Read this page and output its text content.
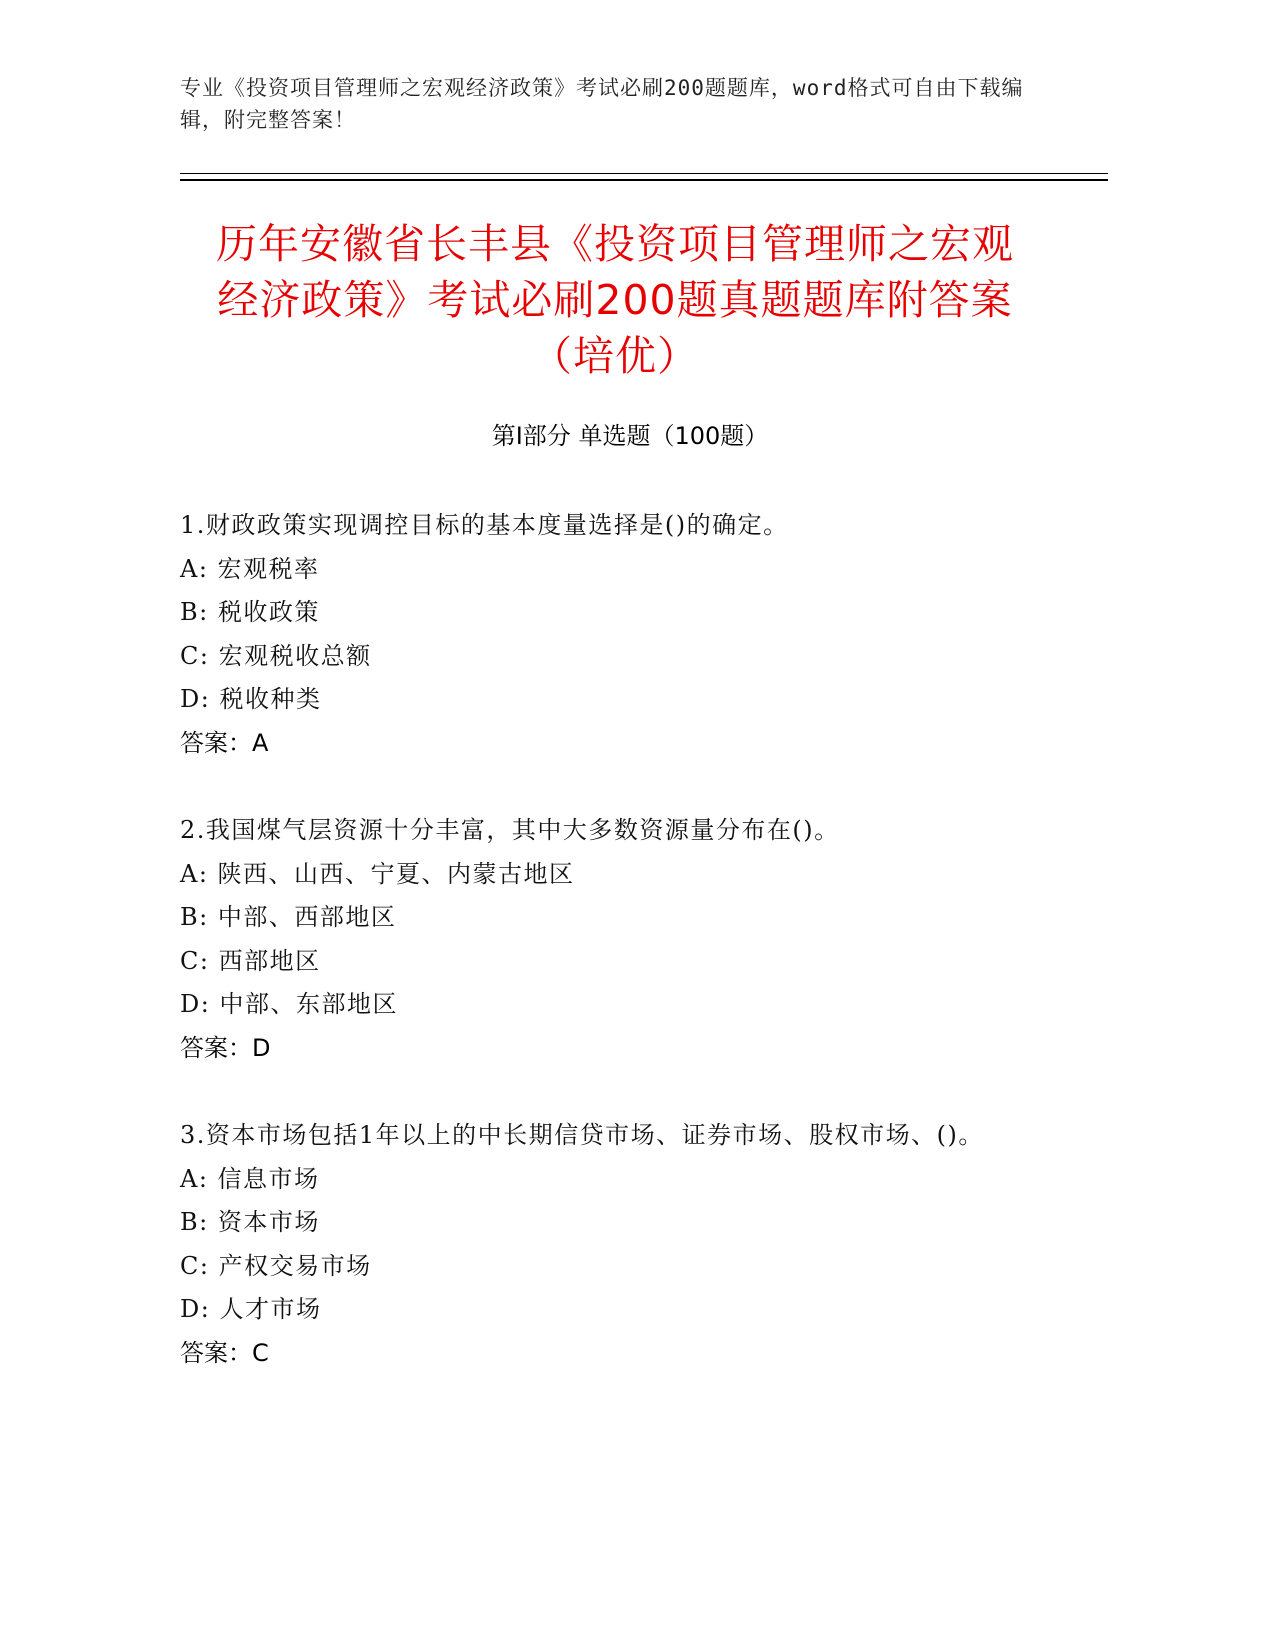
专业《投资项目管理师之宏观经济政策》考试必刷200题题库，word格式可自由下载编辑，附完整答案！
历年安徽省长丰县《投资项目管理师之宏观
经济政策》考试必刷200题真题题库附答案
（培优）
第I部分 单选题（100题）
1.财政政策实现调控目标的基本度量选择是()的确定。
A: 宏观税率
B: 税收政策
C: 宏观税收总额
D: 税收种类
答案：A
2.我国煤气层资源十分丰富，其中大多数资源量分布在()。
A: 陕西、山西、宁夏、内蒙古地区
B: 中部、西部地区
C: 西部地区
D: 中部、东部地区
答案：D
3.资本市场包括1年以上的中长期信贷市场、证券市场、股权市场、()。
A: 信息市场
B: 资本市场
C: 产权交易市场
D: 人才市场
答案：C
